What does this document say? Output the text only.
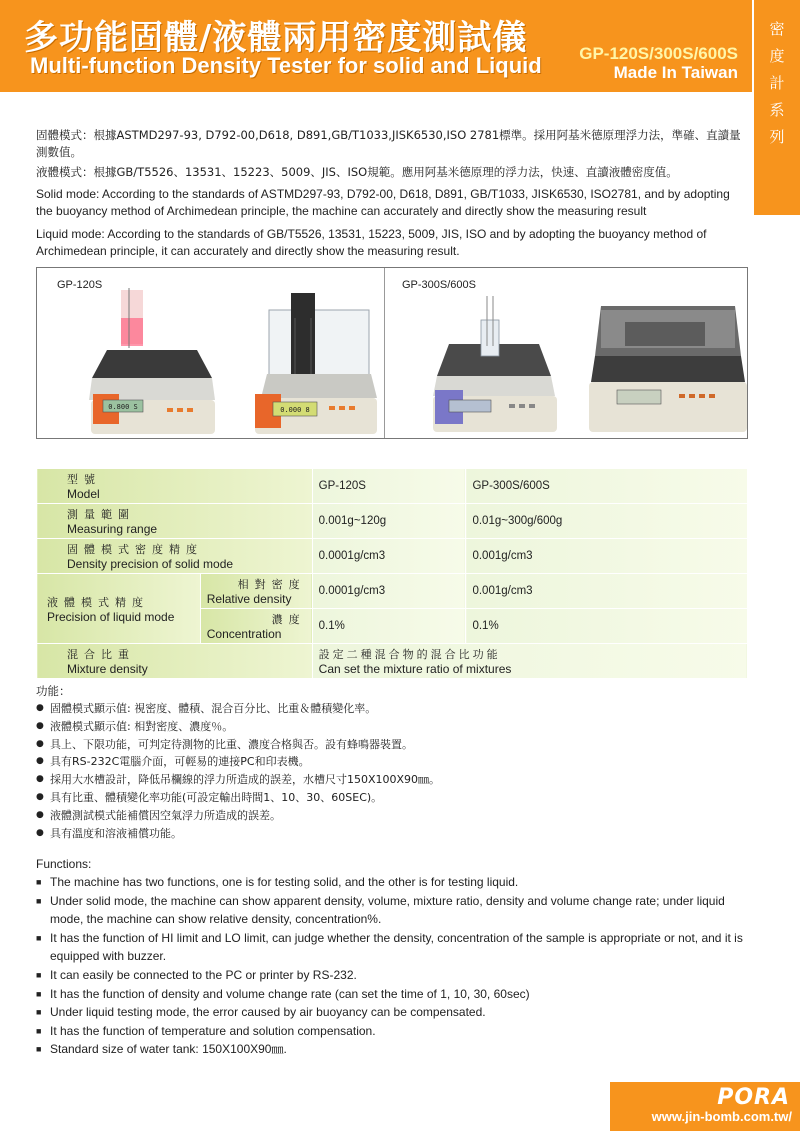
多功能固體/液體兩用密度測試儀
Multi-function Density Tester for solid and Liquid GP-120S/300S/600S
Made In Taiwan
密
度
計
系
列

固體模式：根據ASTMD297-93, D792-00,D618, D891,GB/T1033,JISK6530,ISO 2781標準。採用阿基米德原理浮力法，準確、直讀量測數值。

液體模式：根據GB/T5526、13531、15223、5009、JIS、ISO規範。應用阿基米德原理的浮力法，快速、直讀液體密度值。

Solid mode: According to the standards of ASTMD297-93, D792-00, D618, D891, GB/T1033, JISK6530, ISO2781, and by adopting the buoyancy method of Archimedean principle, the machine can accurately and directly show the measuring result

Liquid mode: According to the standards of GB/T5526, 13531, 15223, 5009, JIS, ISO and by adopting the buoyancy method of Archimedean principle, it can accurately and directly show the measuring result.

GP-120S	GP-300S/600S
0.800 S	0.000 8
型號
Model		GP-120S	GP-300S/600S

測量範圍
Measuring range		0.001g~120g	0.01g~300g/600g

固體模式密度精度
Density precision of solid mode		0.0001g/cm3	0.001g/cm3

液體模式精度
Precision of liquid mode	相對密度
Relative density	0.0001g/cm3	0.001g/cm3

	濃度
Concentration	0.1%	0.1%

混合比重
Mixture density		設定二種混合物的混合比功能
Can set the mixture ratio of mixtures	
功能：
● 固體模式顯示值: 視密度、體積、混合百分比、比重＆體積變化率。
● 液體模式顯示值: 相對密度、濃度％。
● 具上、下限功能，可判定待測物的比重、濃度合格與否。設有蜂鳴器裝置。
● 具有RS-232C電腦介面，可輕易的連接PC和印表機。
● 採用大水槽設計，降低吊欄線的浮力所造成的誤差，水槽尺寸150X100X90㎜。
● 具有比重、體積變化率功能(可設定輸出時間1、10、30、60SEC)。
● 液體測試模式能補償因空氣浮力所造成的誤差。
● 具有溫度和溶液補償功能。
Functions:
■ The machine has two functions, one is for testing solid, and the other is for testing liquid.
■ Under solid mode, the machine can show apparent density, volume, mixture ratio, density and volume change rate; under liquid mode, the machine can show relative density, concentration%.
■ It has the function of HI limit and LO limit, can judge whether the density, concentration of the sample is appropriate or not, and it is equipped with buzzer.
■ It can easily be connected to the PC or printer by RS-232.
■ It has the function of density and volume change rate (can set the time of 1, 10, 30, 60sec)
■ Under liquid testing mode, the error caused by air buoyancy can be compensated.
■ It has the function of temperature and solution compensation.
■ Standard size of water tank: 150X100X90㎜.
PORA
www.jin-bomb.com.tw/
